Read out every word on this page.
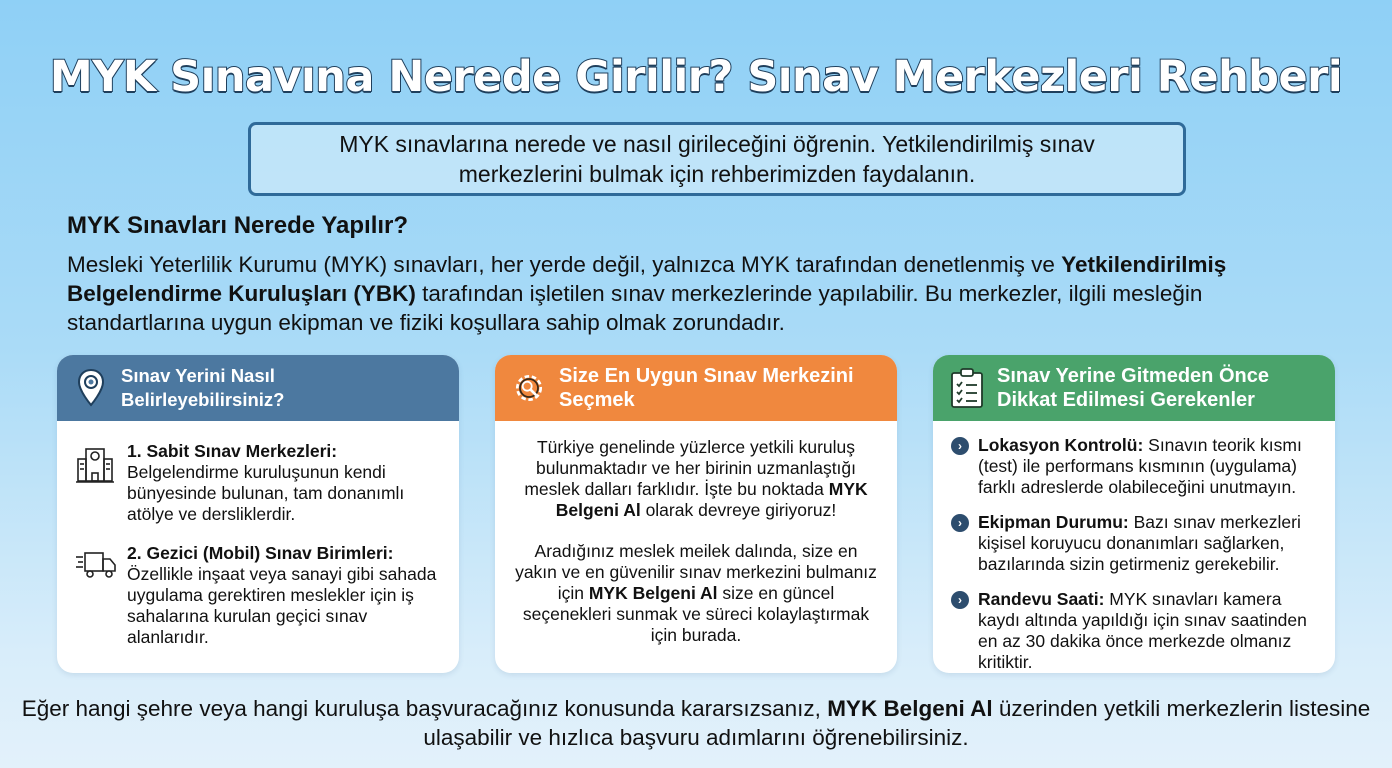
MYK Sınavına Nerede Girilir? Sınav Merkezleri Rehberi
MYK sınavlarına nerede ve nasıl girileceğini öğrenin. Yetkilendirilmiş sınav merkezlerini bulmak için rehberimizden faydalanın.
MYK Sınavları Nerede Yapılır?
Mesleki Yeterlilik Kurumu (MYK) sınavları, her yerde değil, yalnızca MYK tarafından denetlenmiş ve Yetkilendirilmiş Belgelendirme Kuruluşları (YBK) tarafından işletilen sınav merkezlerinde yapılabilir. Bu merkezler, ilgili mesleğin standartlarına uygun ekipman ve fiziki koşullara sahip olmak zorundadır.
Sınav Yerini Nasıl Belirleyebilirsiniz?
1. Sabit Sınav Merkezleri:
Belgelendirme kuruluşunun kendi bünyesinde bulunan, tam donanımlı atölye ve dersliklerdir.
2. Gezici (Mobil) Sınav Birimleri:
Özellikle inşaat veya sanayi gibi sahada uygulama gerektiren meslekler için iş sahalarına kurulan geçici sınav alanlarıdır.
Size En Uygun Sınav Merkezini Seçmek

Türkiye genelinde yüzlerce yetkili kuruluş bulunmaktadır ve her birinin uzmanlaştığı meslek dalları farklıdır. İşte bu noktada MYK Belgeni Al olarak devreye giriyoruz!

Aradığınız meslek meilek dalında, size en yakın ve en güvenilir sınav merkezini bulmanız için MYK Belgeni Al size en güncel seçenekleri sunmak ve süreci kolaylaştırmak için burada.

Sınav Yerine Gitmeden Önce Dikkat Edilmesi Gerekenler
› Lokasyon Kontrolü: Sınavın teorik kısmı (test) ile performans kısmının (uygulama) farklı adreslerde olabileceğini unutmayın.
› Ekipman Durumu: Bazı sınav merkezleri kişisel koruyucu donanımları sağlarken, bazılarında sizin getirmeniz gerekebilir.
› Randevu Saati: MYK sınavları kamera kaydı altında yapıldığı için sınav saatinden en az 30 dakika önce merkezde olmanız kritiktir.
Eğer hangi şehre veya hangi kuruluşa başvuracağınız konusunda kararsızsanız, MYK Belgeni Al üzerinden yetkili merkezlerin listesine ulaşabilir ve hızlıca başvuru adımlarını öğrenebilirsiniz.
